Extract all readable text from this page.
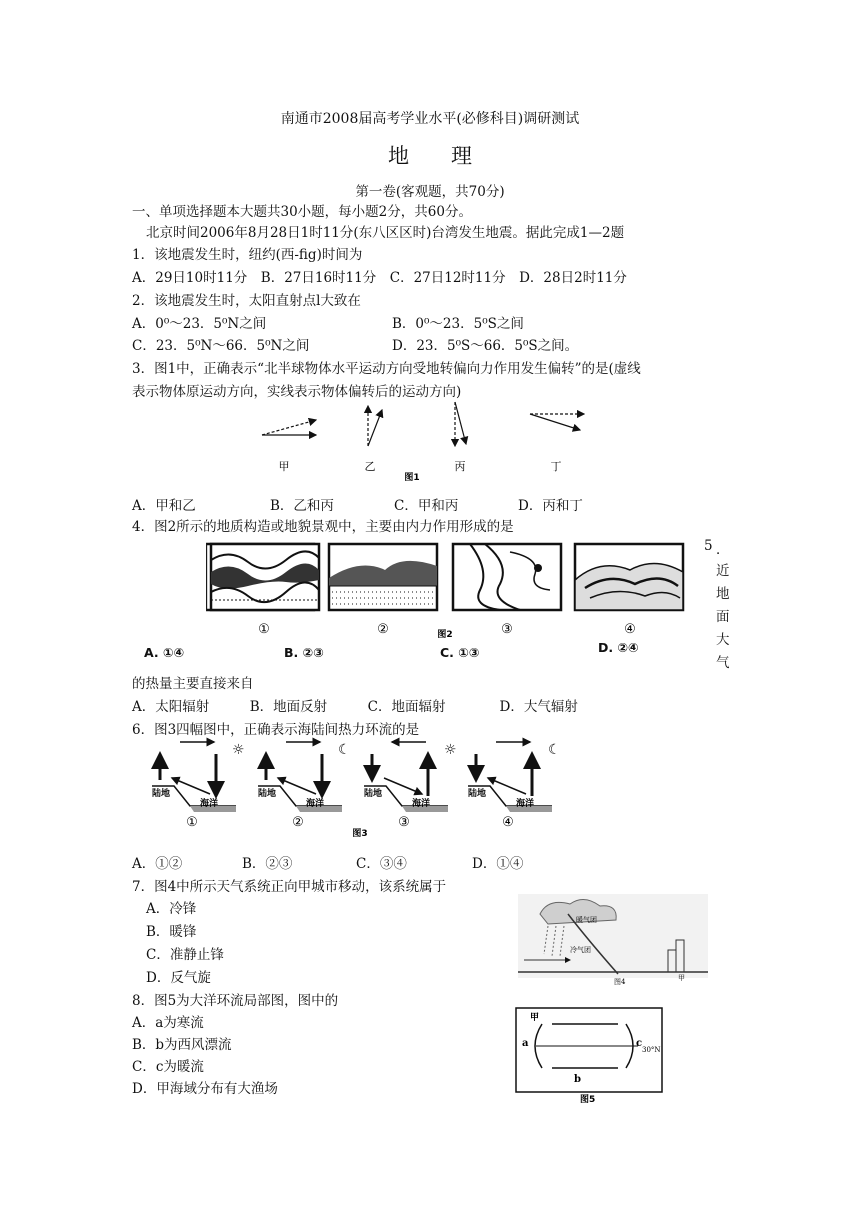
南通市2008届高考学业水平(必修科目)调研测试
地　　理
第一卷(客观题，共70分)
一、单项选择题本大题共30小题，每小题2分，共60分。
北京时间2006年8月28日1时11分(东八区区时)台湾发生地震。据此完成1—2题
1．该地震发生时，纽约(西-fig)时间为
A．29日10时11分　B．27日16时11分　C．27日12时11分　D．28日2时11分
2．该地震发生时，太阳直射点l大致在
A．0⁰～23．5⁰N之间	B．0⁰～23．5⁰S之间
C．23．5⁰N～66．5⁰N之间	D．23．5⁰S～66．5⁰S之间。
3．图1中，正确表示“北半球物体水平运动方向受地转偏向力作用发生偏转”的是(虚线
表示物体原运动方向，实线表示物体偏转后的运动方向)
甲	乙	丙	丁
图1
A．甲和乙	B．乙和丙	C．甲和丙	D．丙和丁
4．图2所示的地质构造或地貌景观中，主要由内力作用形成的是
①	②	③	④
图2
A. ①④	B. ②③	C. ①③	D. ②④
5 ．
近
地
面
大
气
的热量主要直接来自
A．太阳辐射　　　B．地面反射　　　C．地面辐射　　　　D．大气辐射
6．图3四幅图中，正确表示海陆间热力环流的是
☼
陆地
海洋
☾
陆地
海洋
☼
陆地
海洋
☾
陆地
海洋
①	②	③	④
图3
A．①②	B．②③	C．③④	D．①④
7．图4中所示天气系统正向甲城市移动，该系统属于
A．冷锋
B．暖锋
C．准静止锋
D．反气旋
暖气团
冷气团
甲
图4
8．图5为大洋环流局部图，图中的
A．a为寒流
B．b为西风漂流
C．c为暖流
D．甲海域分布有大渔场
甲
a
b
c
30°N
图5
